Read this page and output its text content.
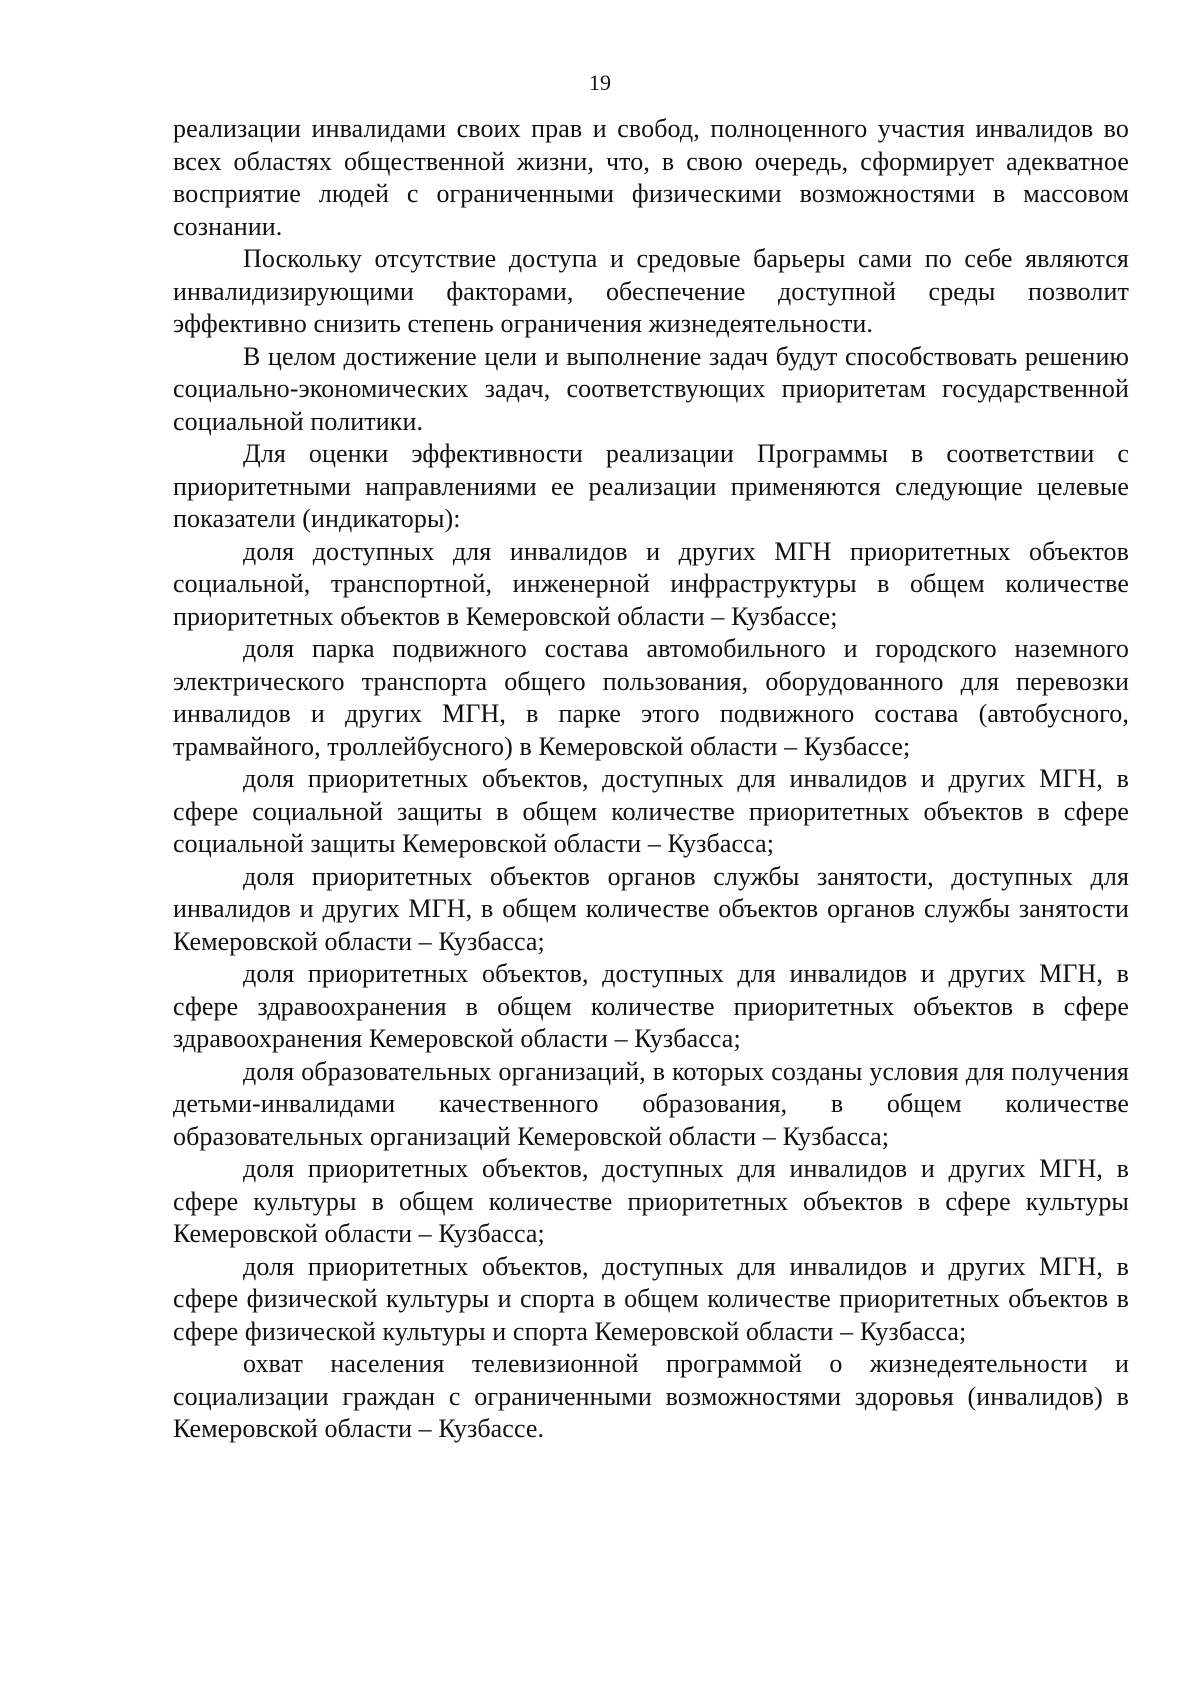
19

реализации инвалидами своих прав и свобод, полноценного участия инвалидов во всех областях общественной жизни, что, в свою очередь, сформирует адекватное восприятие людей с ограниченными физическими возможностями в массовом сознании.

Поскольку отсутствие доступа и средовые барьеры сами по себе являются инвалидизирующими факторами, обеспечение доступной среды позволит эффективно снизить степень ограничения жизнедеятельности.

В целом достижение цели и выполнение задач будут способствовать решению социально-экономических задач, соответствующих приоритетам государственной социальной политики.

Для оценки эффективности реализации Программы в соответствии с приоритетными направлениями ее реализации применяются следующие целевые показатели (индикаторы):

доля доступных для инвалидов и других МГН приоритетных объектов социальной, транспортной, инженерной инфраструктуры в общем количестве приоритетных объектов в Кемеровской области – Кузбассе;

доля парка подвижного состава автомобильного и городского наземного электрического транспорта общего пользования, оборудованного для перевозки инвалидов и других МГН, в парке этого подвижного состава (автобусного, трамвайного, троллейбусного) в Кемеровской области – Кузбассе;

доля приоритетных объектов, доступных для инвалидов и других МГН, в сфере социальной защиты в общем количестве приоритетных объектов в сфере социальной защиты Кемеровской области – Кузбасса;

доля приоритетных объектов органов службы занятости, доступных для инвалидов и других МГН, в общем количестве объектов органов службы занятости Кемеровской области – Кузбасса;

доля приоритетных объектов, доступных для инвалидов и других МГН, в сфере здравоохранения в общем количестве приоритетных объектов в сфере здравоохранения Кемеровской области – Кузбасса;

доля образовательных организаций, в которых созданы условия для получения детьми-инвалидами качественного образования, в общем количестве образовательных организаций Кемеровской области – Кузбасса;

доля приоритетных объектов, доступных для инвалидов и других МГН, в сфере культуры в общем количестве приоритетных объектов в сфере культуры Кемеровской области – Кузбасса;

доля приоритетных объектов, доступных для инвалидов и других МГН, в сфере физической культуры и спорта в общем количестве приоритетных объектов в сфере физической культуры и спорта Кемеровской области – Кузбасса;

охват населения телевизионной программой о жизнедеятельности и социализации граждан с ограниченными возможностями здоровья (инвалидов) в Кемеровской области – Кузбассе.
